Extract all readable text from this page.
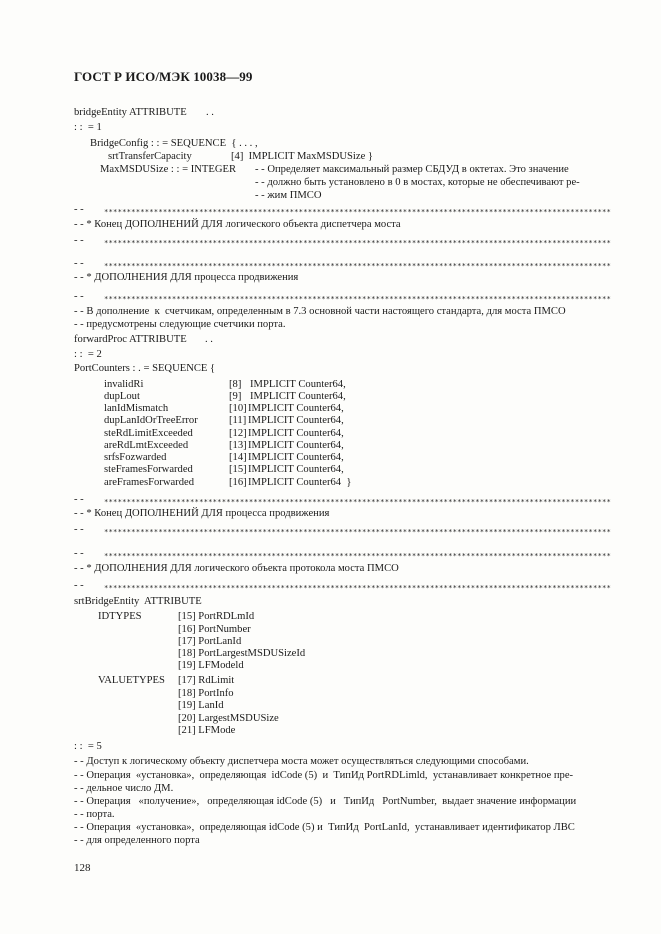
ГОСТ Р ИСО/МЭК 10038—99
bridgeEntity ATTRIBUTE . .
: :  = 1
BridgeConfig : : = SEQUENCE  { . . . ,
srtTransferCapacity	[4]  IMPLICIT MaxMSDUSize }
MaxMSDUSize : : = INTEGER - - Определяет максимальный размер СБДУД в октетах. Это значение
- - должно быть установлено в 0 в мостах, которые не обеспечивают ре-
- - жим ПМСО
- -	****************************************************************************************************************
- - * Конец ДОПОЛНЕНИЙ ДЛЯ логического объекта диспетчера моста
- -	****************************************************************************************************************
- -	****************************************************************************************************************
- - * ДОПОЛНЕНИЯ ДЛЯ процесса продвижения
- -	****************************************************************************************************************
- - В дополнение  к  счетчикам, определенным в 7.3 основной части настоящего стандарта, для моста ПМСО
- - предусмотрены следующие счетчики порта.
forwardProc ATTRIBUTE . .
: :  = 2
PortCounters : . = SEQUENCE {
invalidRi	[8] IMPLICIT Counter64,
dupLout	[9] IMPLICIT Counter64,
lanIdMismatch	[10] IMPLICIT Counter64,
dupLanIdOrTreeError	[11] IMPLICIT Counter64,
steRdLimitExceeded	[12] IMPLICIT Counter64,
areRdLmtExceeded	[13] IMPLICIT Counter64,
srfsFozwarded	[14] IMPLICIT Counter64,
steFramesForwarded	[15] IMPLICIT Counter64,
areFramesForwarded	[16] IMPLICIT Counter64  }
- -	****************************************************************************************************************
- - * Конец ДОПОЛНЕНИЙ ДЛЯ процесса продвижения
- -	****************************************************************************************************************
- -	****************************************************************************************************************
- - * ДОПОЛНЕНИЯ ДЛЯ логического объекта протокола моста ПМСО
- -	****************************************************************************************************************
srtBridgeEntity  ATTRIBUTE
IDTYPES	[15] PortRDLmId
[16] PortNumber
[17] PortLanId
[18] PortLargestMSDUSizeId
[19] LFModeld
VALUETYPES [17] RdLimit
[18] PortInfo
[19] LanId
[20] LargestMSDUSize
[21] LFMode
: :  = 5
- - Доступ к логическому объекту диспетчера моста может осуществляться следующими способами.
- - Операция  «установка»,  определяющая  idCode (5)  и  ТипИд PortRDLimld,  устанавливает конкретное пре-
- - дельное число ДМ.
- - Операция   «получение»,   определяющая idCode (5)   и   ТипИд   PortNumber,  выдает значение информации
- - порта.
- - Операция  «установка»,  определяющая idCode (5) и  ТипИд  PortLanId,  устанавливает идентификатор ЛВС
- - для определенного порта
128
